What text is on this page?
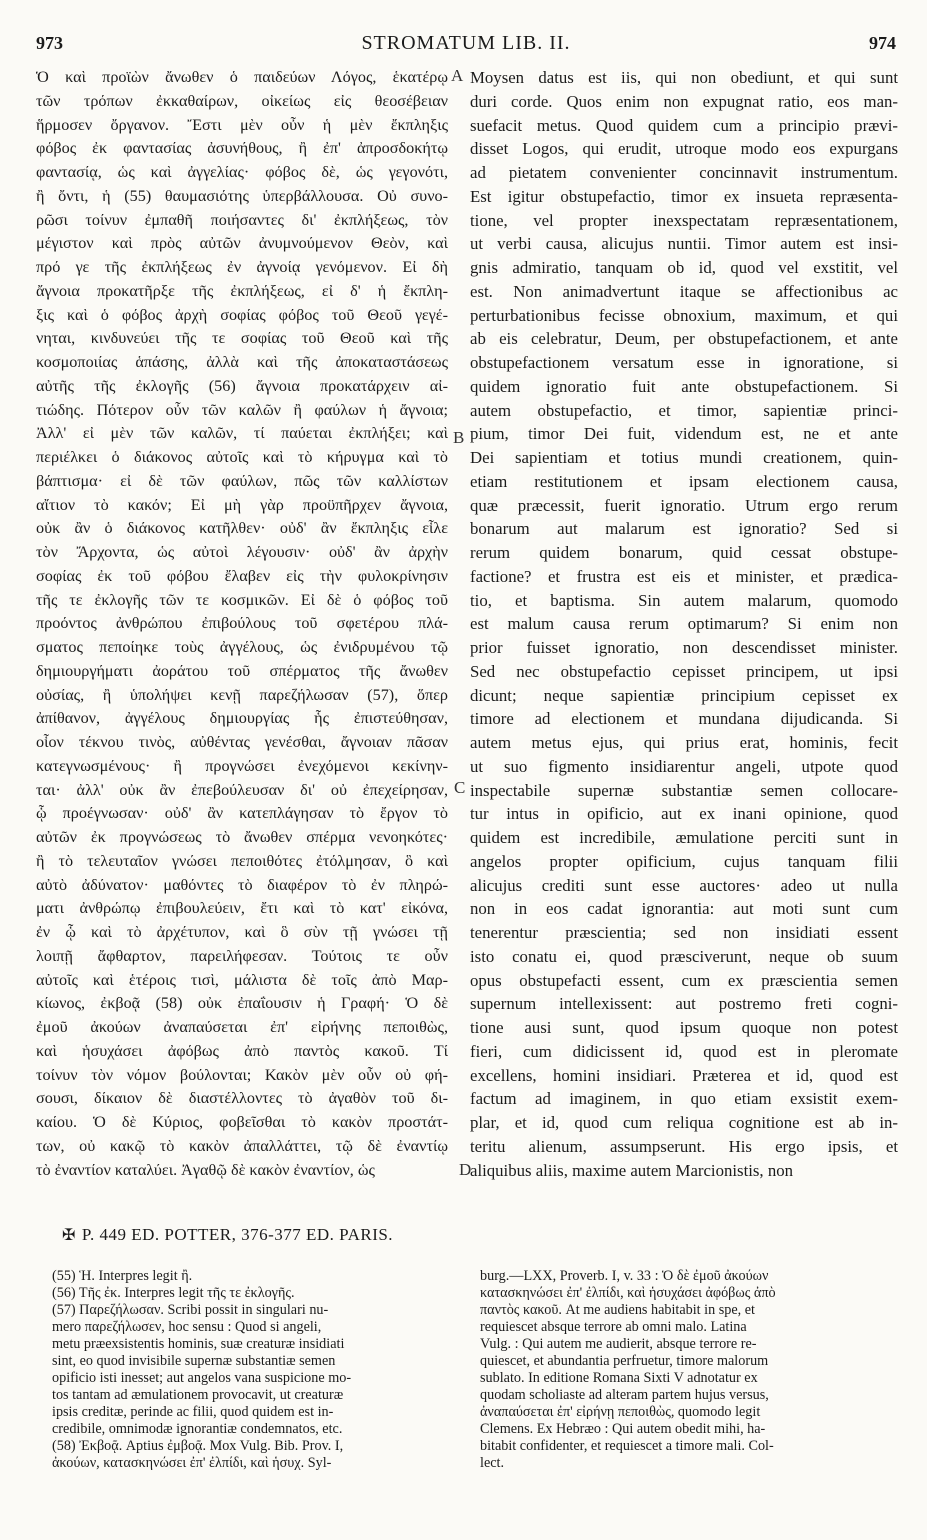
973	STROMATUM LIB. II.	974
Ὁ καὶ προϊὼν ἄνωθεν ὁ παιδεύων Λόγος, ἑκατέρῳ
τῶν τρόπων ἐκκαθαίρων, οἰκείως εἰς θεοσέβειαν
ἥρμοσεν ὄργανον. Ἔστι μὲν οὖν ἡ μὲν ἔκπληξις
φόβος ἐκ φαντασίας ἀσυνήθους, ἢ ἐπ' ἀπροσδοκήτῳ
φαντασίᾳ, ὡς καὶ ἀγγελίας· φόβος δὲ, ὡς γεγονότι,
ἢ ὄντι, ἡ (55) θαυμασιότης ὑπερβάλλουσα. Οὐ συνο-
ρῶσι τοίνυν ἐμπαθῆ ποιήσαντες δι' ἐκπλήξεως, τὸν
μέγιστον καὶ πρὸς αὐτῶν ἀνυμνούμενον Θεὸν, καὶ
πρό γε τῆς ἐκπλήξεως ἐν ἀγνοίᾳ γενόμενον. Εἰ δὴ
ἄγνοια προκατῆρξε τῆς ἐκπλήξεως, εἰ δ' ἡ ἔκπλη-
ξις καὶ ὁ φόβος ἀρχὴ σοφίας φόβος τοῦ Θεοῦ γεγέ-
νηται, κινδυνεύει τῆς τε σοφίας τοῦ Θεοῦ καὶ τῆς
κοσμοποιίας ἁπάσης, ἀλλὰ καὶ τῆς ἀποκαταστάσεως
αὐτῆς τῆς ἐκλογῆς (56) ἄγνοια προκατάρχειν αἰ-
τιώδης. Πότερον οὖν τῶν καλῶν ἢ φαύλων ἡ ἄγνοια;
Ἀλλ' εἰ μὲν τῶν καλῶν, τί παύεται ἐκπλήξει; καὶ
περιέλκει ὁ διάκονος αὐτοῖς καὶ τὸ κήρυγμα καὶ τὸ
βάπτισμα· εἰ δὲ τῶν φαύλων, πῶς τῶν καλλίστων
αἴτιον τὸ κακόν; Εἰ μὴ γὰρ προϋπῆρχεν ἄγνοια,
οὐκ ἂν ὁ διάκονος κατῆλθεν· οὐδ' ἂν ἔκπληξις εἷλε
τὸν Ἄρχοντα, ὡς αὐτοὶ λέγουσιν· οὐδ' ἂν ἀρχὴν
σοφίας ἐκ τοῦ φόβου ἔλαβεν εἰς τὴν φυλοκρίνησιν
τῆς τε ἐκλογῆς τῶν τε κοσμικῶν. Εἰ δὲ ὁ φόβος τοῦ
προόντος ἀνθρώπου ἐπιβούλους τοῦ σφετέρου πλά-
σματος πεποίηκε τοὺς ἀγγέλους, ὡς ἐνιδρυμένου τῷ
δημιουργήματι ἀοράτου τοῦ σπέρματος τῆς ἄνωθεν
οὐσίας, ἢ ὑπολήψει κενῇ παρεζήλωσαν (57), ὅπερ
ἀπίθανον, ἀγγέλους δημιουργίας ἧς ἐπιστεύθησαν,
οἷον τέκνου τινὸς, αὐθέντας γενέσθαι, ἄγνοιαν πᾶσαν
κατεγνωσμένους· ἢ προγνώσει ἐνεχόμενοι κεκίνην-
ται· ἀλλ' οὐκ ἂν ἐπεβούλευσαν δι' οὐ ἐπεχείρησαν,
ᾧ προέγνωσαν· οὐδ' ἂν κατεπλάγησαν τὸ ἔργον τὸ
αὐτῶν ἐκ προγνώσεως τὸ ἄνωθεν σπέρμα νενοηκότες·
ἢ τὸ τελευταῖον γνώσει πεποιθότες ἐτόλμησαν, ὃ καὶ
αὐτὸ ἀδύνατον· μαθόντες τὸ διαφέρον τὸ ἐν πληρώ-
ματι ἀνθρώπῳ ἐπιβουλεύειν, ἔτι καὶ τὸ κατ' εἰκόνα,
ἐν ᾧ καὶ τὸ ἀρχέτυπον, καὶ ὃ σὺν τῇ γνώσει τῇ
λοιπῇ ἄφθαρτον, παρειλήφεσαν. Τούτοις τε οὖν
αὐτοῖς καὶ ἑτέροις τισὶ, μάλιστα δὲ τοῖς ἀπὸ Μαρ-
κίωνος, ἐκβοᾷ (58) οὐκ ἐπαΐουσιν ἡ Γραφή· Ὁ δὲ
ἐμοῦ ἀκούων ἀναπαύσεται ἐπ' εἰρήνης πεποιθὼς,
καὶ ἡσυχάσει ἀφόβως ἀπὸ παντὸς κακοῦ. Τί
τοίνυν τὸν νόμον βούλονται; Κακὸν μὲν οὖν οὐ φή-
σουσι, δίκαιον δὲ διαστέλλοντες τὸ ἀγαθὸν τοῦ δι-
καίου. Ὁ δὲ Κύριος, φοβεῖσθαι τὸ κακὸν προστάτ-
των, οὐ κακῷ τὸ κακὸν ἀπαλλάττει, τῷ δὲ ἐναντίῳ
τὸ ἐναντίον καταλύει. Ἀγαθῷ δὲ κακὸν ἐναντίον, ὡς
Moysen datus est iis, qui non obediunt, et qui sunt
duri corde. Quos enim non expugnat ratio, eos man-
suefacit metus. Quod quidem cum a principio prævi-
disset Logos, qui erudit, utroque modo eos expurgans
ad pietatem convenienter concinnavit instrumentum.
Est igitur obstupefactio, timor ex insueta repræsenta-
tione, vel propter inexspectatam repræsentationem,
ut verbi causa, alicujus nuntii. Timor autem est insi-
gnis admiratio, tanquam ob id, quod vel exstitit, vel
est. Non animadvertunt itaque se affectionibus ac
perturbationibus fecisse obnoxium, maximum, et qui
ab eis celebratur, Deum, per obstupefactionem, et ante
obstupefactionem versatum esse in ignoratione, si
quidem ignoratio fuit ante obstupefactionem. Si
autem obstupefactio, et timor, sapientiæ princi-
pium, timor Dei fuit, videndum est, ne et ante
Dei sapientiam et totius mundi creationem, quin-
etiam restitutionem et ipsam electionem causa,
quæ præcessit, fuerit ignoratio. Utrum ergo rerum
bonarum aut malarum est ignoratio? Sed si
rerum quidem bonarum, quid cessat obstupe-
factione? et frustra est eis et minister, et prædica-
tio, et baptisma. Sin autem malarum, quomodo
est malum causa rerum optimarum? Si enim non
prior fuisset ignoratio, non descendisset minister.
Sed nec obstupefactio cepisset principem, ut ipsi
dicunt; neque sapientiæ principium cepisset ex
timore ad electionem et mundana dijudicanda. Si
autem metus ejus, qui prius erat, hominis, fecit
ut suo figmento insidiarentur angeli, utpote quod
inspectabile supernæ substantiæ semen collocare-
tur intus in opificio, aut ex inani opinione, quod
quidem est incredibile, æmulatione perciti sunt in
angelos propter opificium, cujus tanquam filii
alicujus crediti sunt esse auctores· adeo ut nulla
non in eos cadat ignorantia: aut moti sunt cum
tenerentur præscientia; sed non insidiati essent
isto conatu ei, quod præsciverunt, neque ob suum
opus obstupefacti essent, cum ex præscientia semen
supernum intellexissent: aut postremo freti cogni-
tione ausi sunt, quod ipsum quoque non potest
fieri, cum didicissent id, quod est in pleromate
excellens, homini insidiari. Præterea et id, quod est
factum ad imaginem, in quo etiam exsistit exem-
plar, et id, quod cum reliqua cognitione est ab in-
teritu alienum, assumpserunt. His ergo ipsis, et
aliquibus aliis, maxime autem Marcionistis, non
A
B
C
D
✠ P. 449 ED. POTTER, 376-377 ED. PARIS.
(55) Ἡ. Interpres legit ἢ.
(56) Τῆς ἐκ. Interpres legit τῆς τε ἐκλογῆς.
(57) Παρεζήλωσαν. Scribi possit in singulari nu-
mero παρεζήλωσεν, hoc sensu : Quod si angeli,
metu præexsistentis hominis, suæ creaturæ insidiati
sint, eo quod invisibile supernæ substantiæ semen
opificio isti inesset; aut angelos vana suspicione mo-
tos tantam ad æmulationem provocavit, ut creaturæ
ipsis creditæ, perinde ac filii, quod quidem est in-
credibile, omnimodæ ignorantiæ condemnatos, etc.
(58) Ἐκβοᾷ. Aptius ἐμβοᾷ. Mox Vulg. Bib. Prov. I,
ἀκούων, κατασκηνώσει ἐπ' ἐλπίδι, καὶ ἡσυχ. Syl-
burg.—LXX, Proverb. I, v. 33 : Ὁ δὲ ἐμοῦ ἀκούων
κατασκηνώσει ἐπ' ἐλπίδι, καὶ ἡσυχάσει ἀφόβως ἀπὸ
παντὸς κακοῦ. At me audiens habitabit in spe, et
requiescet absque terrore ab omni malo. Latina
Vulg. : Qui autem me audierit, absque terrore re-
quiescet, et abundantia perfruetur, timore malorum
sublato. In editione Romana Sixti V adnotatur ex
quodam scholiaste ad alteram partem hujus versus,
ἀναπαύσεται ἐπ' εἰρήνῃ πεποιθὼς, quomodo legit
Clemens. Ex Hebræo : Qui autem obedit mihi, ha-
bitabit confidenter, et requiescet a timore mali. Col-
lect.
